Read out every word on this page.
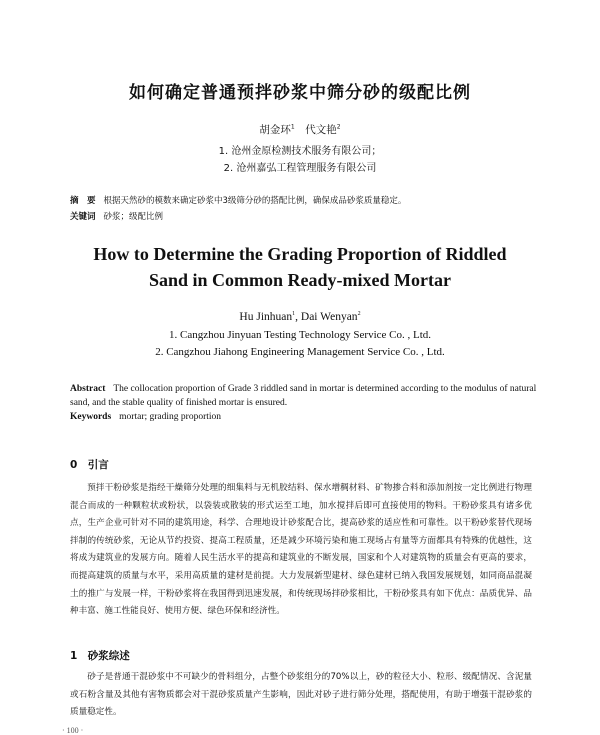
如何确定普通预拌砂浆中筛分砂的级配比例
胡金环$^1$　代文艳$^2$
1. 沧州金原检测技术服务有限公司；
2. 沧州嘉弘工程管理服务有限公司
摘　要 根据天然砂的模数来确定砂浆中3级筛分砂的搭配比例，确保成品砂浆质量稳定。
关键词 砂浆；级配比例
How to Determine the Grading Proportion of Riddled
Sand in Common Ready-mixed Mortar
Hu Jinhuan$^1$, Dai Wenyan$^2$
1. Cangzhou Jinyuan Testing Technology Service Co. , Ltd.
2. Cangzhou Jiahong Engineering Management Service Co. , Ltd.
Abstract The collocation proportion of Grade 3 riddled sand in mortar is determined according to the modulus of natural sand, and the stable quality of finished mortar is ensured.
Keywords mortar; grading proportion
0　引言
预拌干粉砂浆是指经干燥筛分处理的细集料与无机胶结料、保水增稠材料、矿物掺合料和添加剂按一定比例进行物理混合而成的一种颗粒状或粉状，以袋装或散装的形式运至工地，加水搅拌后即可直接使用的物料。干粉砂浆具有诸多优点，生产企业可针对不同的建筑用途，科学、合理地设计砂浆配合比，提高砂浆的适应性和可靠性。以干粉砂浆替代现场拌制的传统砂浆，无论从节约投资、提高工程质量，还是减少环境污染和施工现场占有量等方面都具有特殊的优越性，这将成为建筑业的发展方向。随着人民生活水平的提高和建筑业的不断发展，国家和个人对建筑物的质量会有更高的要求，而提高建筑的质量与水平，采用高质量的建材是前提。大力发展新型建材、绿色建材已纳入我国发展规划，如同商品混凝土的推广与发展一样，干粉砂浆将在我国得到迅速发展，和传统现场拌砂浆相比，干粉砂浆具有如下优点：品质优异、品种丰富、施工性能良好、使用方便、绿色环保和经济性。
1　砂浆综述
砂子是普通干混砂浆中不可缺少的骨料组分，占整个砂浆组分的70%以上，砂的粒径大小、粒形、级配情况、含泥量或石粉含量及其他有害物质都会对干混砂浆质量产生影响，因此对砂子进行筛分处理，搭配使用，有助于增强干混砂浆的质量稳定性。
· 100 ·
